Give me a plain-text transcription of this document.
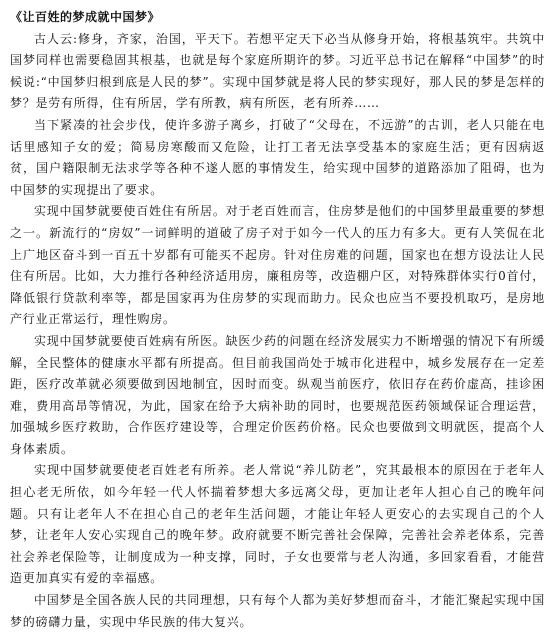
《让百姓的梦成就中国梦》

古人云:修身，齐家，治国，平天下。若想平定天下必当从修身开始，将根基筑牢。共筑中国梦同样也需要稳固其根基，也就是每个家庭所期许的梦。习近平总书记在解释“中国梦”的时候说:“中国梦归根到底是人民的梦”。实现中国梦就是将人民的梦实现好，那人民的梦是怎样的梦？是劳有所得，住有所居，学有所教，病有所医，老有所养……

当下紧凑的社会步伐，使许多游子离乡，打破了“父母在，不远游”的古训，老人只能在电话里感知子女的爱；简易房寒酸而又危险，让打工者无法享受基本的家庭生活；更有因病返贫，国户籍限制无法求学等各种不遂人愿的事情发生，给实现中国梦的道路添加了阻碍，也为中国梦的实现提出了要求。

实现中国梦就要使百姓住有所居。对于老百姓而言，住房梦是他们的中国梦里最重要的梦想之一。新流行的“房奴”一词鲜明的道破了房子对于如今一代人的压力有多大。更有人笑侃在北上广地区奋斗到一百五十岁都有可能买不起房。针对住房难的问题，国家也在想方设法让人民住有所居。比如，大力推行各种经济适用房，廉租房等，改造棚户区，对特殊群体实行0首付，降低银行贷款利率等，都是国家再为住房梦的实现而助力。民众也应当不要投机取巧，是房地产行业正常运行，理性购房。

实现中国梦就要使百姓病有所医。缺医少药的问题在经济发展实力不断增强的情况下有所缓解，全民整体的健康水平都有所提高。但目前我国尚处于城市化进程中，城乡发展存在一定差距，医疗改革就必须要做到因地制宜，因时而变。纵观当前医疗，依旧存在药价虚高，挂诊困难，费用高昂等情况，为此，国家在给予大病补助的同时，也要规范医药领域保证合理运营，加强城乡医疗救助，合作医疗建设等，合理定价医药价格。民众也要做到文明就医，提高个人身体素质。

实现中国梦就要使老百姓老有所养。老人常说“养儿防老”，究其最根本的原因在于老年人担心老无所依，如今年轻一代人怀揣着梦想大多远离父母，更加让老年人担心自己的晚年问题。只有让老年人不在担心自己的老年生活问题，才能让年轻人更安心的去实现自己的个人梦，让老年人安心实现自己的晚年梦。政府就要不断完善社会保障，完善社会养老体系，完善社会养老保险等，让制度成为一种支撑，同时，子女也要常与老人沟通，多回家看看，才能营造更加真实有爱的幸福感。

中国梦是全国各族人民的共同理想，只有每个人都为美好梦想而奋斗，才能汇聚起实现中国梦的磅礴力量，实现中华民族的伟大复兴。
